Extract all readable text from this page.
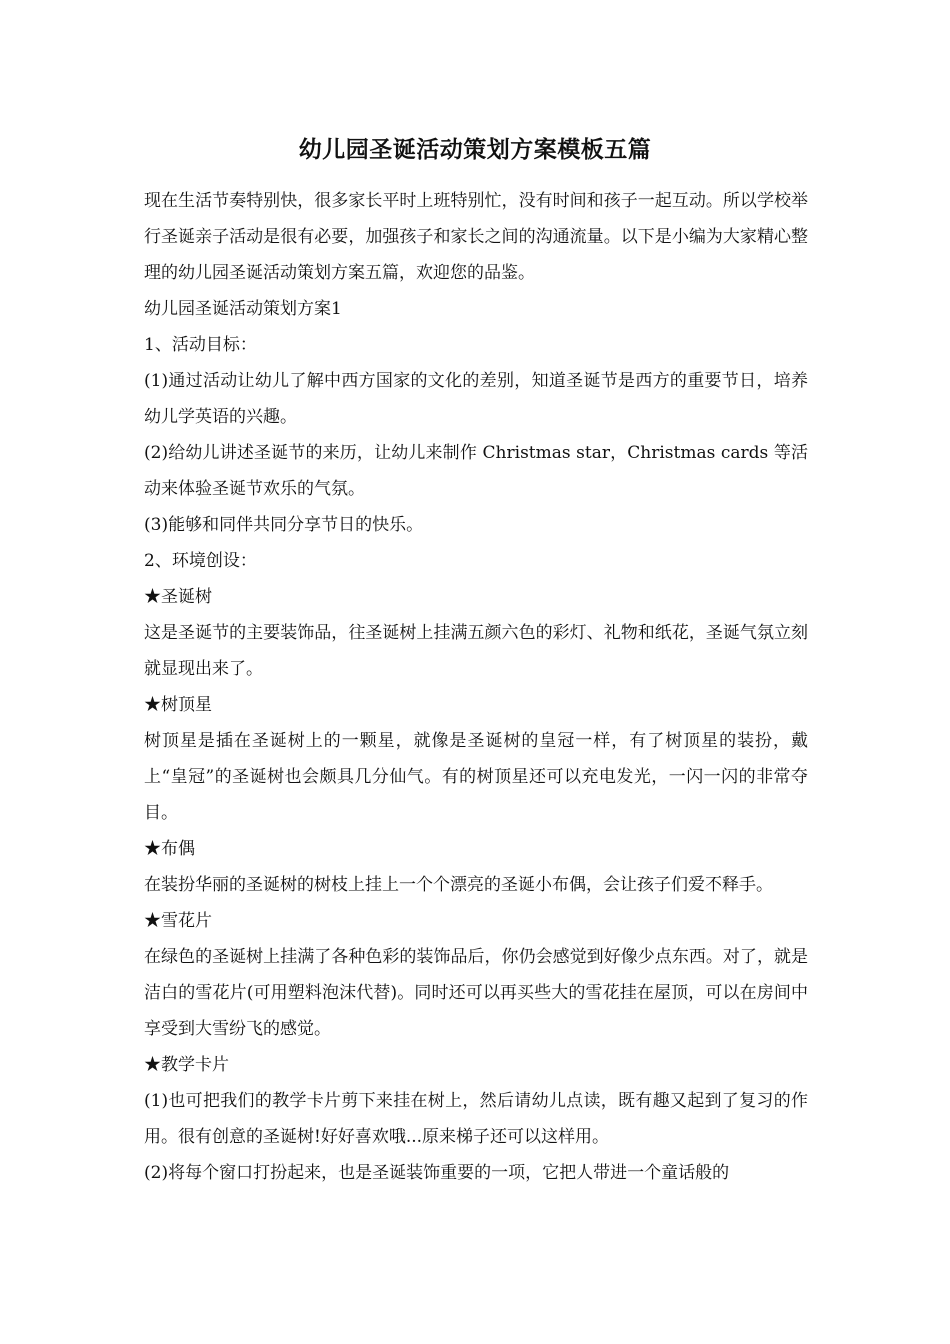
幼儿园圣诞活动策划方案模板五篇

现在生活节奏特别快，很多家长平时上班特别忙，没有时间和孩子一起互动。所以学校举行圣诞亲子活动是很有必要，加强孩子和家长之间的沟通流量。以下是小编为大家精心整理的幼儿园圣诞活动策划方案五篇，欢迎您的品鉴。

幼儿园圣诞活动策划方案1

1、活动目标：

(1)通过活动让幼儿了解中西方国家的文化的差别，知道圣诞节是西方的重要节日，培养幼儿学英语的兴趣。

(2)给幼儿讲述圣诞节的来历，让幼儿来制作 Christmas star，Christmas cards 等活动来体验圣诞节欢乐的气氛。

(3)能够和同伴共同分享节日的快乐。

2、环境创设：

★圣诞树

这是圣诞节的主要装饰品，往圣诞树上挂满五颜六色的彩灯、礼物和纸花，圣诞气氛立刻就显现出来了。

★树顶星

树顶星是插在圣诞树上的一颗星，就像是圣诞树的皇冠一样，有了树顶星的装扮，戴上“皇冠”的圣诞树也会颇具几分仙气。有的树顶星还可以充电发光，一闪一闪的非常夺目。

★布偶

在装扮华丽的圣诞树的树枝上挂上一个个漂亮的圣诞小布偶，会让孩子们爱不释手。

★雪花片

在绿色的圣诞树上挂满了各种色彩的装饰品后，你仍会感觉到好像少点东西。对了，就是洁白的雪花片(可用塑料泡沫代替)。同时还可以再买些大的雪花挂在屋顶，可以在房间中享受到大雪纷飞的感觉。

★教学卡片

(1)也可把我们的教学卡片剪下来挂在树上，然后请幼儿点读，既有趣又起到了复习的作用。很有创意的圣诞树!好好喜欢哦...原来梯子还可以这样用。

(2)将每个窗口打扮起来，也是圣诞装饰重要的一项，它把人带进一个童话般的
